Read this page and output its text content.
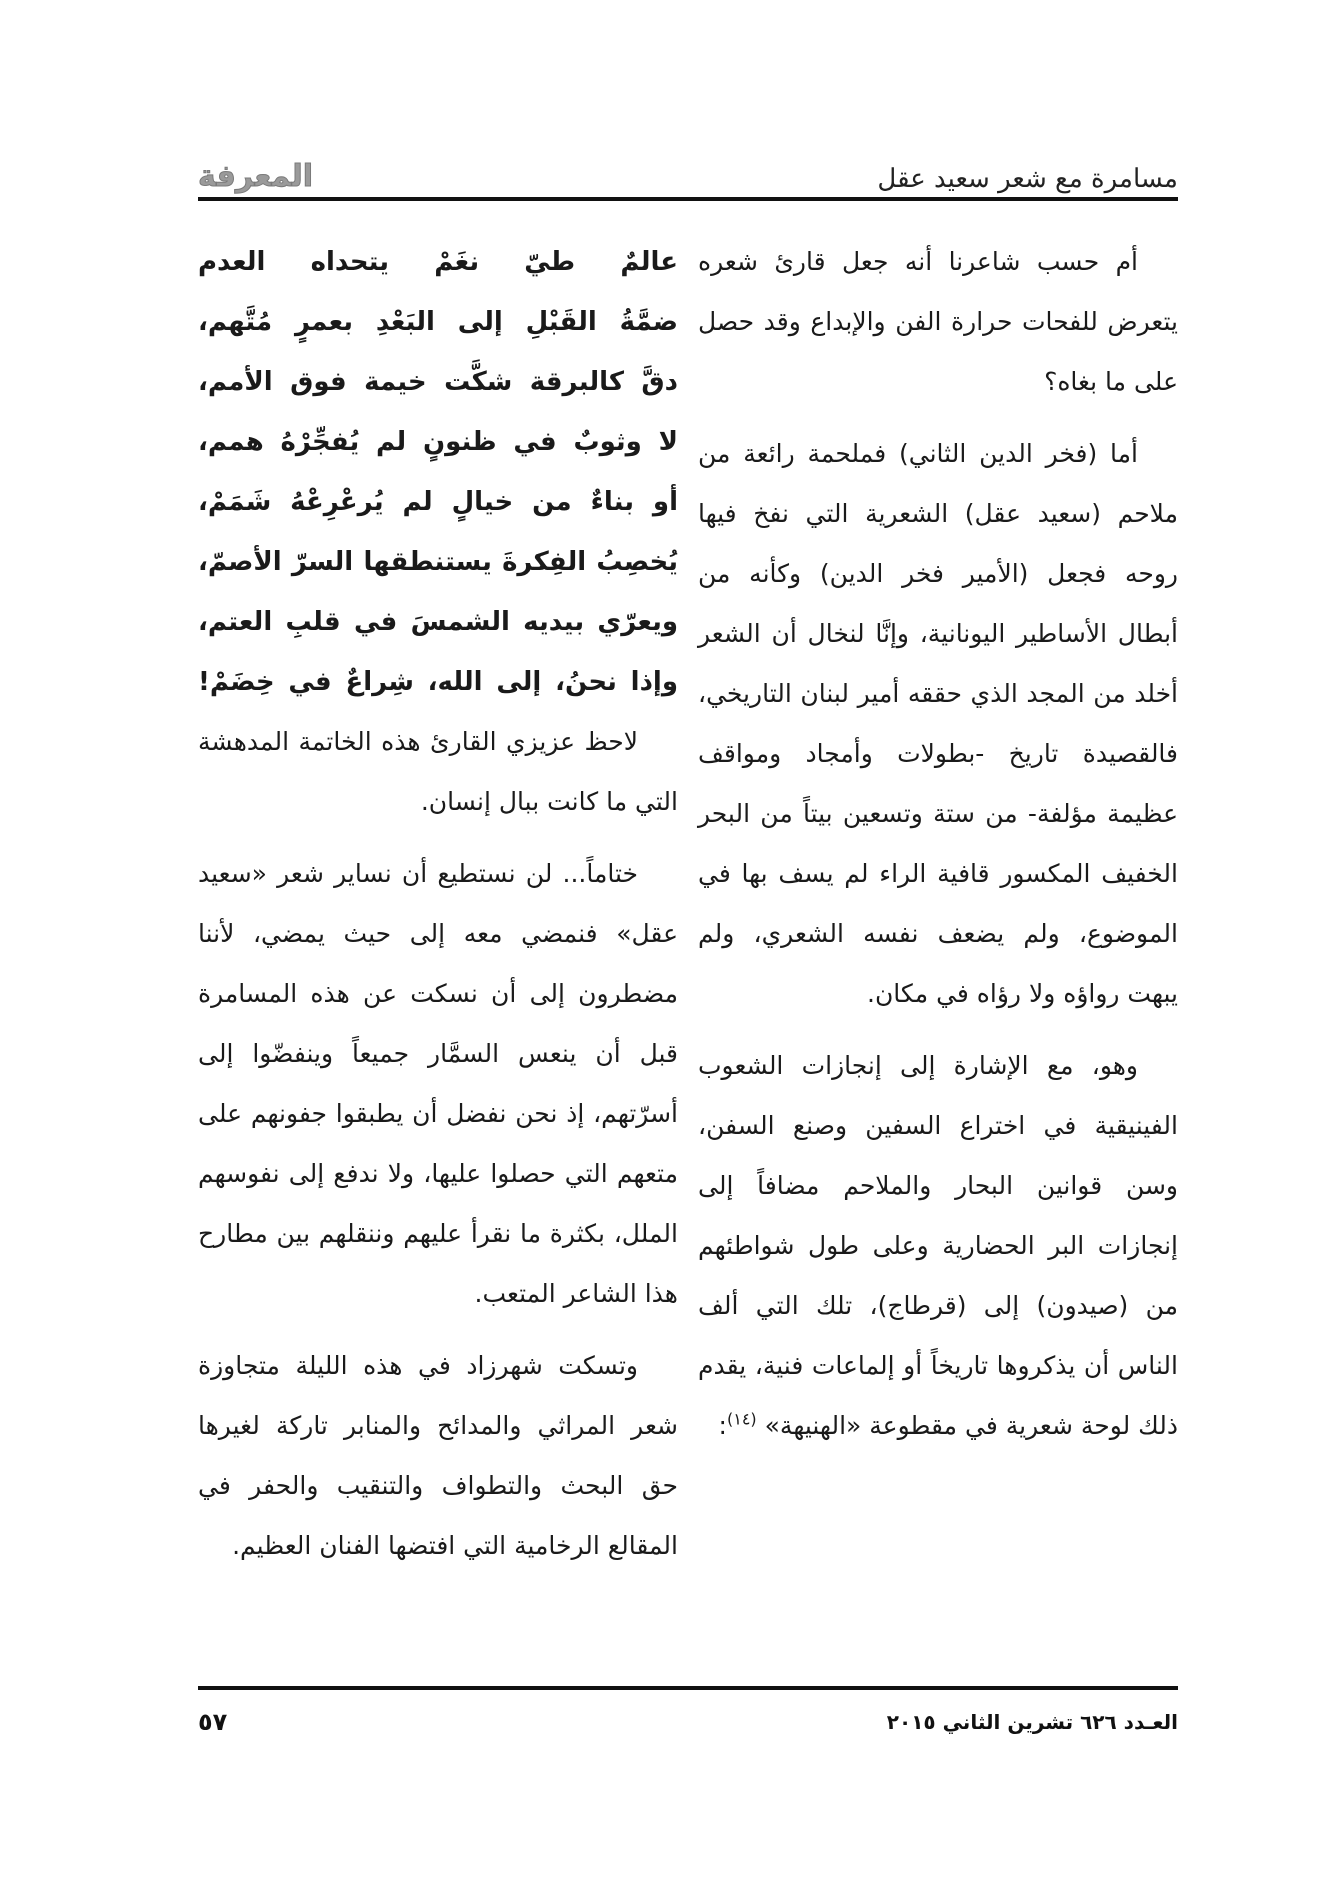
مسامرة مع شعر سعيد عقل
المعرفة

أم حسب شاعرنا أنه جعل قارئ شعره يتعرض للفحات حرارة الفن والإبداع وقد حصل على ما بغاه؟

أما (فخر الدين الثاني) فملحمة رائعة من ملاحم (سعيد عقل) الشعرية التي نفخ فيها روحه فجعل (الأمير فخر الدين) وكأنه من أبطال الأساطير اليونانية، وإنَّا لنخال أن الشعر أخلد من المجد الذي حققه أمير لبنان التاريخي، فالقصيدة تاريخ -بطولات وأمجاد ومواقف عظيمة مؤلفة- من ستة وتسعين بيتاً من البحر الخفيف المكسور قافية الراء لم يسف بها في الموضوع، ولم يضعف نفسه الشعري، ولم يبهت رواؤه ولا رؤاه في مكان.

وهو، مع الإشارة إلى إنجازات الشعوب الفينيقية في اختراع السفين وصنع السفن، وسن قوانين البحار والملاحم مضافاً إلى إنجازات البر الحضارية وعلى طول شواطئهم من (صيدون) إلى (قرطاج)، تلك التي ألف الناس أن يذكروها تاريخاً أو إلماعات فنية، يقدم ذلك لوحة شعرية في مقطوعة «الهنيهة» $^{(١٤)}$:

عالمٌ طيّ نغَمْ يتحداه العدم
ضمَّةُ القَبْلِ إلى البَعْدِ بعمرٍ مُتَّهم،
دقَّ كالبرقة شكَّت خيمة فوق الأمم،
لا وثوبٌ في ظنونٍ لم يُفجِّرْهُ همم،
أو بناءٌ من خيالٍ لم يُرعْرِعْهُ شَمَمْ،
يُخصِبُ الفِكرةَ يستنطقها السرّ الأصمّ،
ويعرّي بيديه الشمسَ في قلبِ العتم،
وإذا نحنُ، إلى الله، شِراعٌ في خِضَمْ!

لاحظ عزيزي القارئ هذه الخاتمة المدهشة التي ما كانت ببال إنسان.

ختاماً... لن نستطيع أن نساير شعر «سعيد عقل» فنمضي معه إلى حيث يمضي، لأننا مضطرون إلى أن نسكت عن هذه المسامرة قبل أن ينعس السمَّار جميعاً وينفضّوا إلى أسرّتهم، إذ نحن نفضل أن يطبقوا جفونهم على متعهم التي حصلوا عليها، ولا ندفع إلى نفوسهم الملل، بكثرة ما نقرأ عليهم وننقلهم بين مطارح هذا الشاعر المتعب.

وتسكت شهرزاد في هذه الليلة متجاوزة شعر المراثي والمدائح والمنابر تاركة لغيرها حق البحث والتطواف والتنقيب والحفر في المقالع الرخامية التي افتضها الفنان العظيم.

العـدد ٦٢٦ تشرين الثاني ٢٠١٥
٥٧
